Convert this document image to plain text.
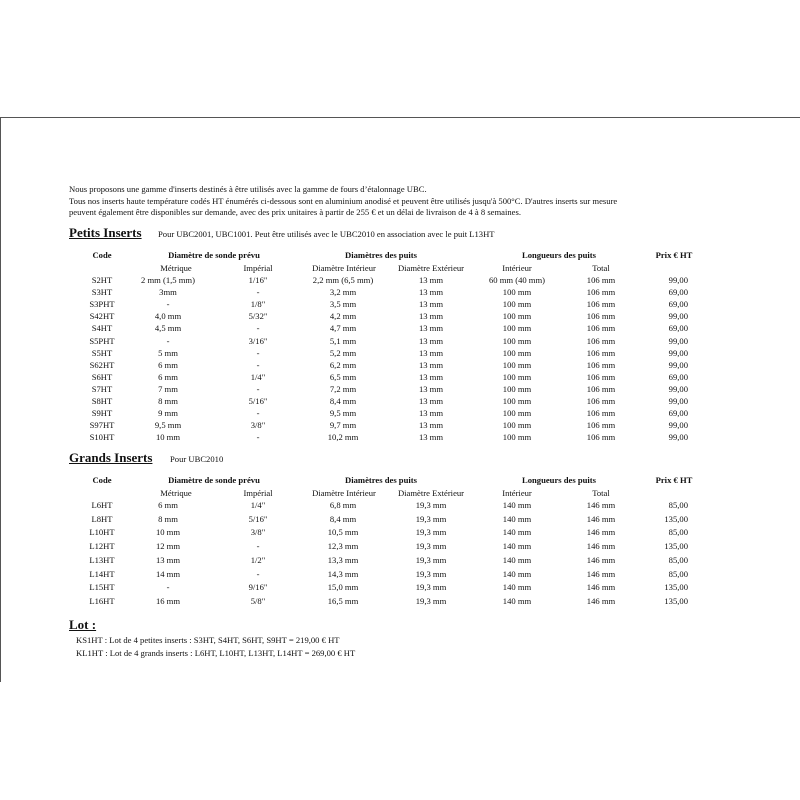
Nous proposons une gamme d'inserts destinés à être utilisés avec la gamme de fours d’étalonnage UBC.
Tous nos inserts haute température codés HT énumérés ci-dessous sont en aluminium anodisé et peuvent être utilisés jusqu'à 500°C. D'autres inserts sur mesure
peuvent également être disponibles sur demande, avec des prix unitaires à partir de 255 € et un délai de livraison de 4 à 8 semaines.
Petits Inserts Pour UBC2001, UBC1001. Peut être utilisés avec le UBC2010 en association avec le puit L13HT
Code	Diamètre de sonde prévu	Diamètres des puits	Longueurs des puits	Prix € HT
Métrique	Impérial	Diamètre Intérieur	Diamètre Extérieur	Intérieur	Total
S2HT	2 mm (1,5 mm)	1/16"	2,2 mm (6,5 mm)	13 mm	60 mm (40 mm)	106 mm	99,00
S3HT	3mm	-	3,2 mm	13 mm	100 mm	106 mm	69,00
S3PHT	-	1/8"	3,5 mm	13 mm	100 mm	106 mm	69,00
S42HT	4,0 mm	5/32"	4,2 mm	13 mm	100 mm	106 mm	99,00
S4HT	4,5 mm	-	4,7 mm	13 mm	100 mm	106 mm	69,00
S5PHT	-	3/16"	5,1 mm	13 mm	100 mm	106 mm	99,00
S5HT	5 mm	-	5,2 mm	13 mm	100 mm	106 mm	99,00
S62HT	6 mm	-	6,2 mm	13 mm	100 mm	106 mm	99,00
S6HT	6 mm	1/4"	6,5 mm	13 mm	100 mm	106 mm	69,00
S7HT	7 mm	-	7,2 mm	13 mm	100 mm	106 mm	99,00
S8HT	8 mm	5/16"	8,4 mm	13 mm	100 mm	106 mm	99,00
S9HT	9 mm	-	9,5 mm	13 mm	100 mm	106 mm	69,00
S97HT	9,5 mm	3/8"	9,7 mm	13 mm	100 mm	106 mm	99,00
S10HT	10 mm	-	10,2 mm	13 mm	100 mm	106 mm	99,00
Grands Inserts Pour UBC2010
Code	Diamètre de sonde prévu	Diamètres des puits	Longueurs des puits	Prix € HT
Métrique	Impérial	Diamètre Intérieur	Diamètre Extérieur	Intérieur	Total
L6HT	6 mm	1/4"	6,8 mm	19,3 mm	140 mm	146 mm	85,00
L8HT	8 mm	5/16"	8,4 mm	19,3 mm	140 mm	146 mm	135,00
L10HT	10 mm	3/8"	10,5 mm	19,3 mm	140 mm	146 mm	85,00
L12HT	12 mm	-	12,3 mm	19,3 mm	140 mm	146 mm	135,00
L13HT	13 mm	1/2"	13,3 mm	19,3 mm	140 mm	146 mm	85,00
L14HT	14 mm	-	14,3 mm	19,3 mm	140 mm	146 mm	85,00
L15HT	-	9/16"	15,0 mm	19,3 mm	140 mm	146 mm	135,00
L16HT	16 mm	5/8"	16,5 mm	19,3 mm	140 mm	146 mm	135,00
Lot :
KS1HT : Lot de 4 petites inserts : S3HT, S4HT, S6HT, S9HT = 219,00 € HT
KL1HT : Lot de 4 grands inserts : L6HT, L10HT, L13HT, L14HT = 269,00 € HT
